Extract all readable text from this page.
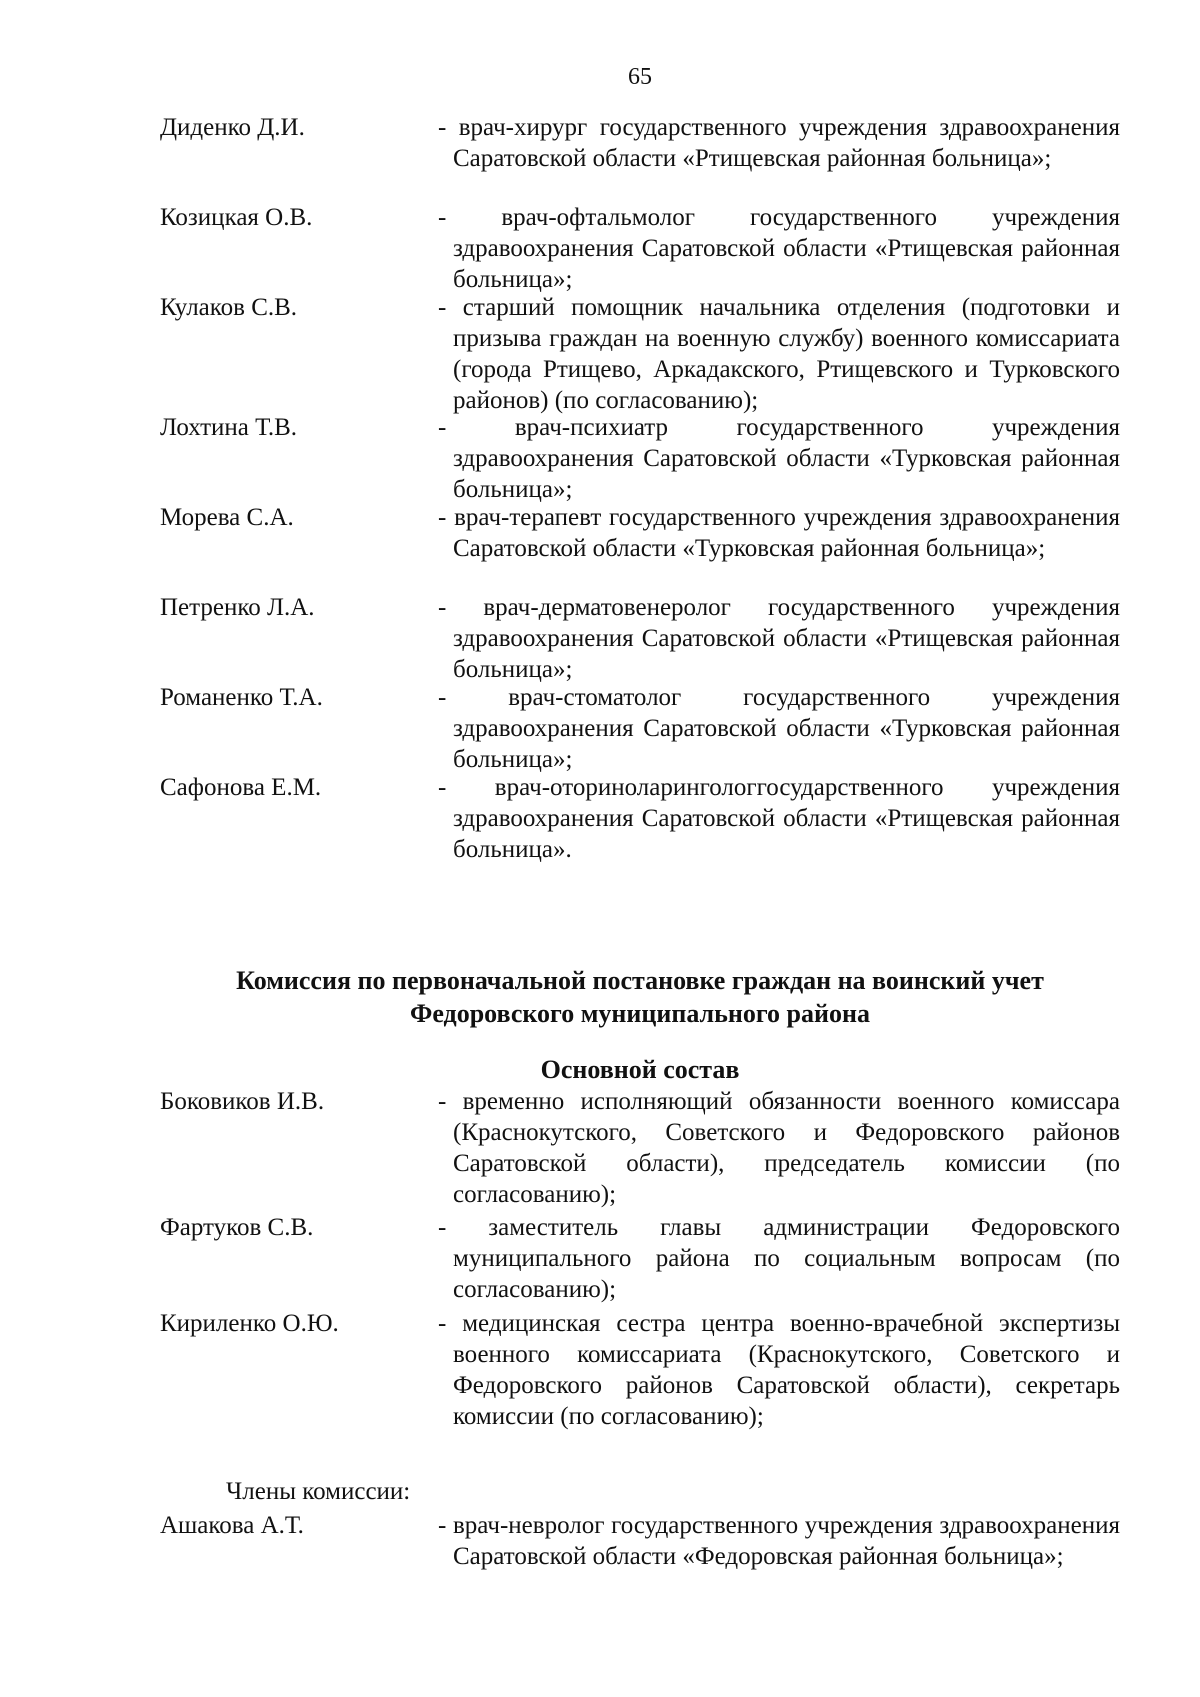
65
Диденко Д.И.	- врач-хирург государственного учреждения здравоохранения Саратовской области «Ртищевская районная больница»;
Козицкая О.В.	- врач-офтальмолог государственного учреждения здравоохранения Саратовской области «Ртищевская районная больница»;
Кулаков С.В.	- старший помощник начальника отделения (подготовки и призыва граждан на военную службу) военного комиссариата (города Ртищево, Аркадакского, Ртищевского и Турковского районов) (по согласованию);
Лохтина Т.В.	- врач-психиатр государственного учреждения здравоохранения Саратовской области «Турковская районная больница»;
Морева С.А.	- врач-терапевт государственного учреждения здравоохранения Саратовской области «Турковская районная больница»;
Петренко Л.А.	- врач-дерматовенеролог государственного учреждения здравоохранения Саратовской области «Ртищевская районная больница»;
Романенко Т.А.	- врач-стоматолог государственного учреждения здравоохранения Саратовской области «Турковская районная больница»;
Сафонова Е.М.	- врач-оториноларингологгосударственного учреждения здравоохранения Саратовской области «Ртищевская районная больница».
Комиссия по первоначальной постановке граждан на воинский учет
Федоровского муниципального района
Основной состав
Боковиков И.В.	- временно исполняющий обязанности военного комиссара (Краснокутского, Советского и Федоровского районов Саратовской области), председатель комиссии (по согласованию);
Фартуков С.В.	- заместитель главы администрации Федоровского муниципального района по социальным вопросам (по согласованию);
Кириленко О.Ю.	- медицинская сестра центра военно-врачебной экспертизы военного комиссариата (Краснокутского, Советского и Федоровского районов Саратовской области), секретарь комиссии (по согласованию);
Члены комиссии:
Ашакова А.Т.	- врач-невролог государственного учреждения здравоохранения Саратовской области «Федоровская районная больница»;
